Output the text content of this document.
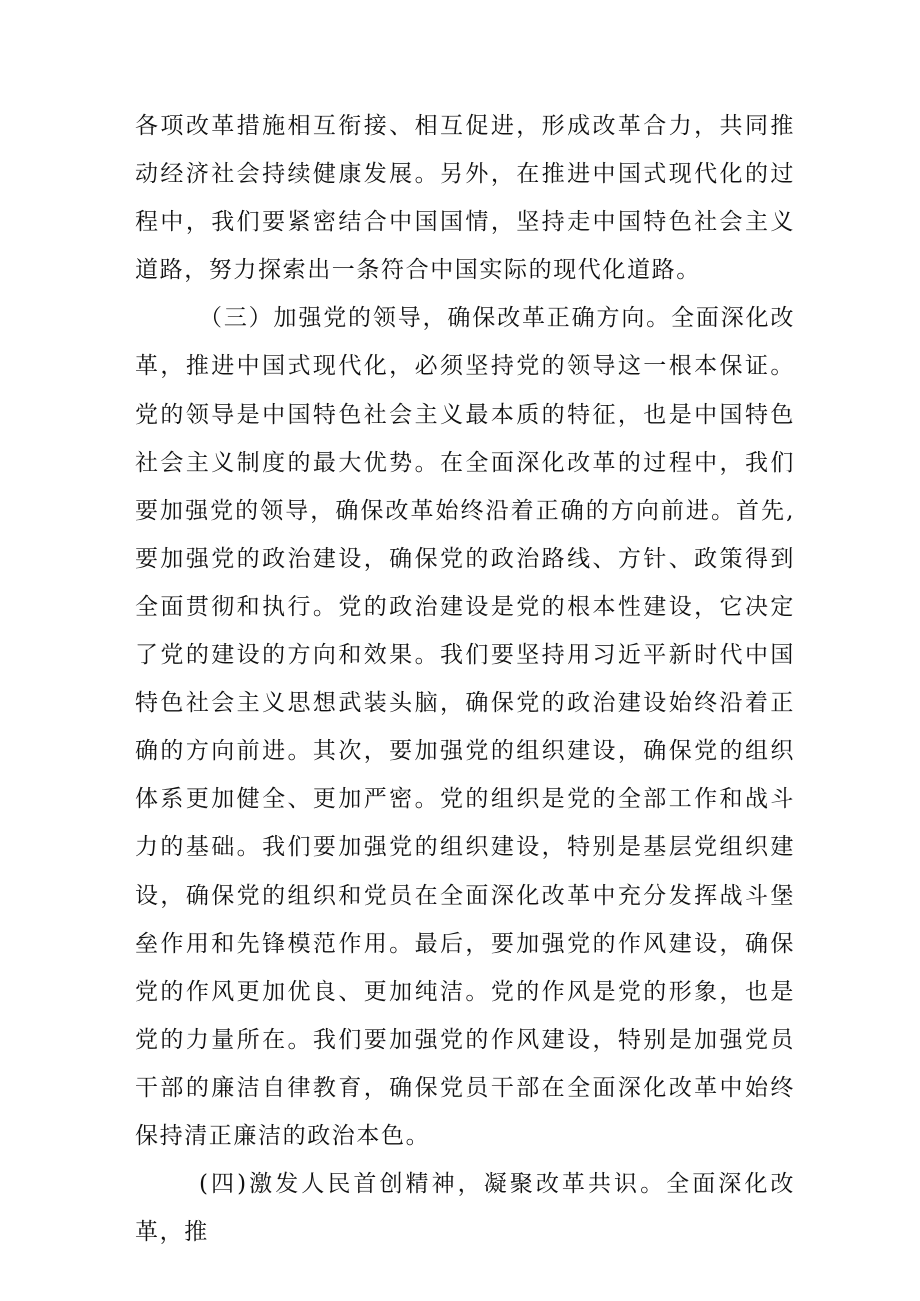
各项改革措施相互衔接、相互促进，形成改革合力，共同推动经济社会持续健康发展。另外，在推进中国式现代化的过程中，我们要紧密结合中国国情，坚持走中国特色社会主义道路，努力探索出一条符合中国实际的现代化道路。

（三）加强党的领导，确保改革正确方向。全面深化改革，推进中国式现代化，必须坚持党的领导这一根本保证。党的领导是中国特色社会主义最本质的特征，也是中国特色社会主义制度的最大优势。在全面深化改革的过程中，我们要加强党的领导，确保改革始终沿着正确的方向前进。首先,要加强党的政治建设，确保党的政治路线、方针、政策得到全面贯彻和执行。党的政治建设是党的根本性建设，它决定了党的建设的方向和效果。我们要坚持用习近平新时代中国特色社会主义思想武装头脑，确保党的政治建设始终沿着正确的方向前进。其次，要加强党的组织建设，确保党的组织体系更加健全、更加严密。党的组织是党的全部工作和战斗力的基础。我们要加强党的组织建设，特别是基层党组织建设，确保党的组织和党员在全面深化改革中充分发挥战斗堡垒作用和先锋模范作用。最后，要加强党的作风建设，确保党的作风更加优良、更加纯洁。党的作风是党的形象，也是党的力量所在。我们要加强党的作风建设，特别是加强党员干部的廉洁自律教育，确保党员干部在全面深化改革中始终保持清正廉洁的政治本色。

(四)激发人民首创精神，凝聚改革共识。全面深化改革，推
